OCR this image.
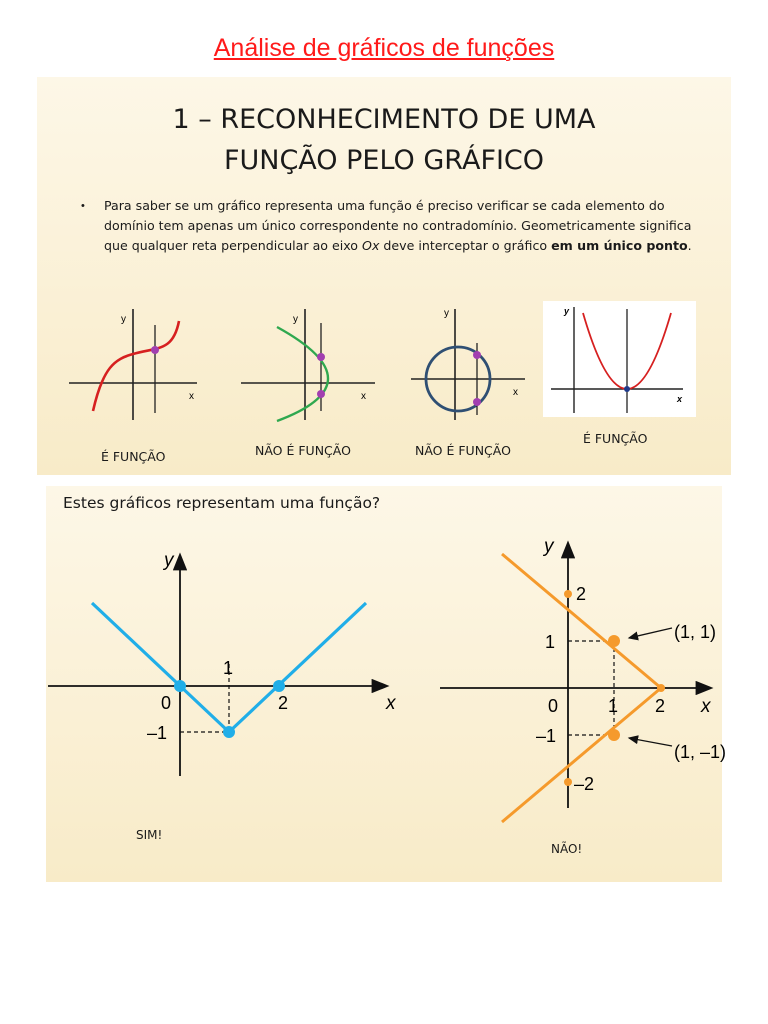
Análise de gráficos de funções
1 – RECONHECIMENTO DE UMA
FUNÇÃO PELO GRÁFICO
• Para saber se um gráfico representa uma função é preciso verificar se cada elemento do domínio tem apenas um único correspondente no contradomínio. Geometricamente significa que qualquer reta perpendicular ao eixo Ox deve interceptar o gráfico em um único ponto.
x
y
É FUNÇÃO
x
y
NÃO É FUNÇÃO
x
y
NÃO É FUNÇÃO
x
y
É FUNÇÃO
Estes gráficos representam uma função?
y
x
0
1
2
–1
SIM!
y
x
0	1 2
1
2
–1
–2
(1, 1)
(1, –1)
NÃO!
